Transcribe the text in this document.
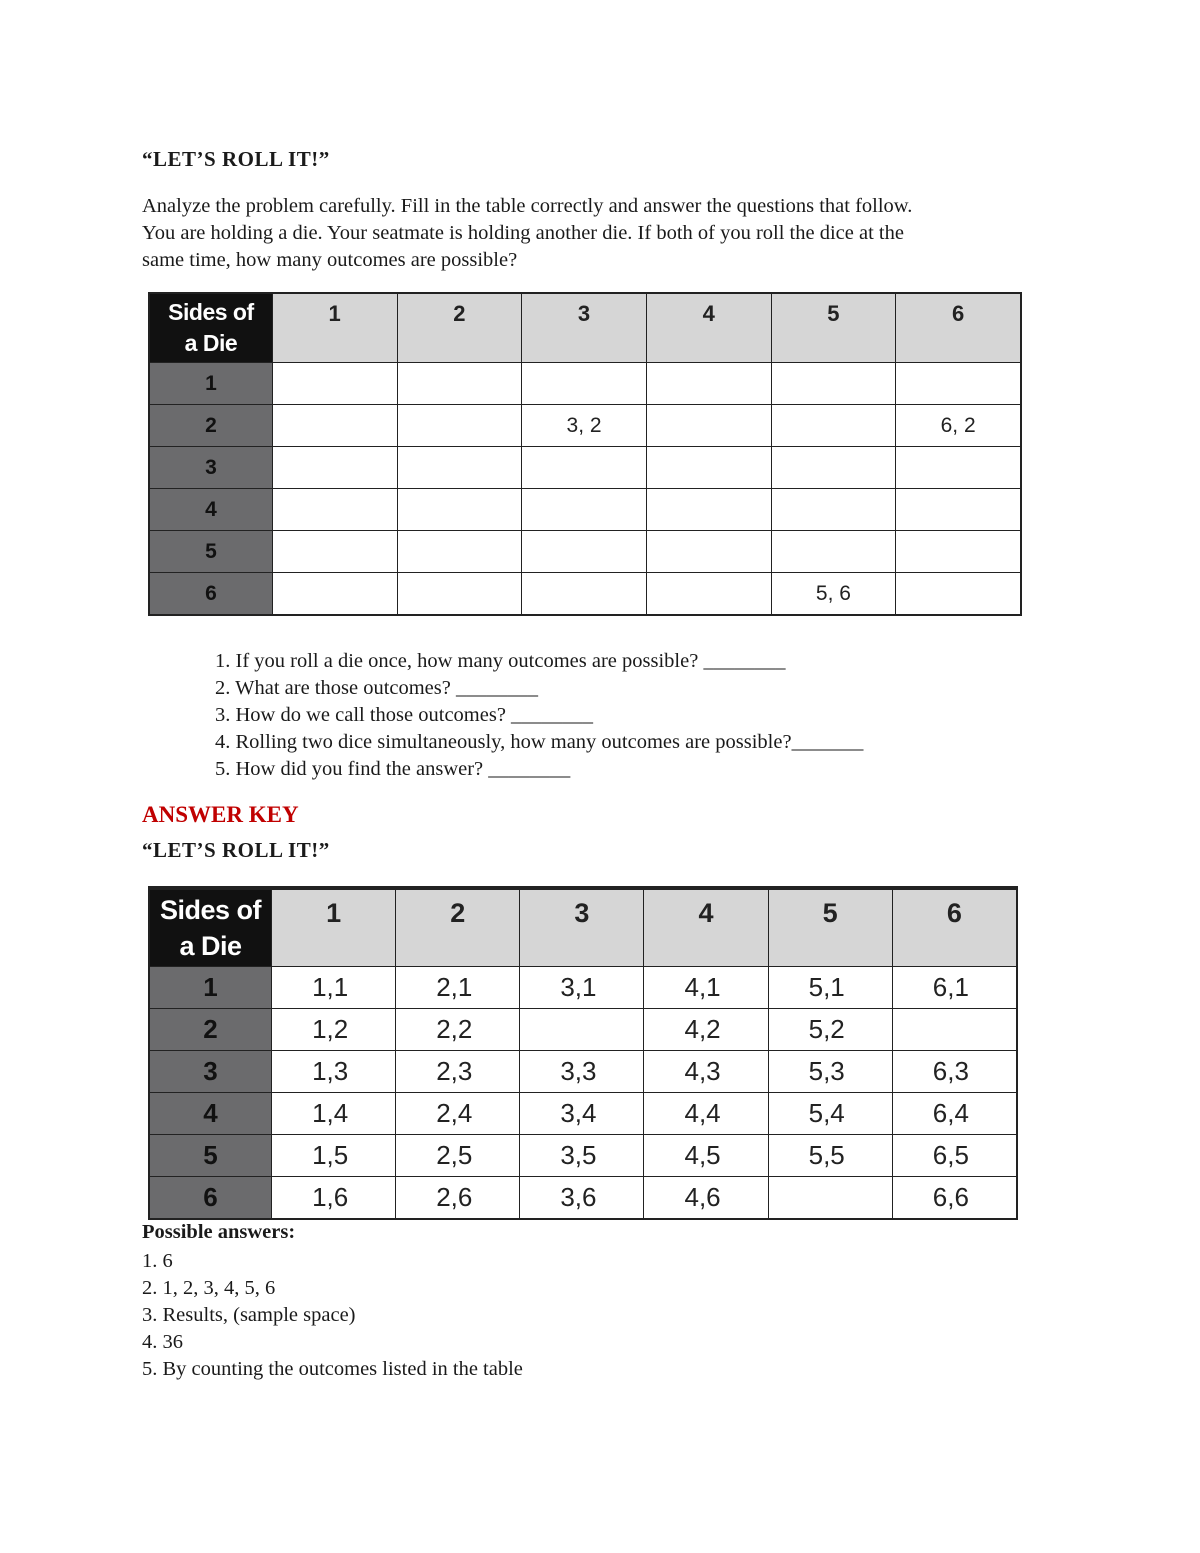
“LET’S ROLL IT!”

Analyze the problem carefully. Fill in the table correctly and answer the questions that follow.

You are holding a die. Your seatmate is holding another die. If both of you roll the dice at the

same time, how many outcomes are possible?

Sides of
a Die	1	2	3	4	5	6
1						
2			3, 2			6, 2
3						
4						
5						
6					5, 6	
1. If you roll a die once, how many outcomes are possible? ________
2. What are those outcomes? ________
3. How do we call those outcomes? ________
4. Rolling two dice simultaneously, how many outcomes are possible?_______
5. How did you find the answer? ________
ANSWER KEY
“LET’S ROLL IT!”
Sides of
a Die	1	2	3	4	5	6
1	1,1	2,1	3,1	4,1	5,1	6,1
2	1,2	2,2		4,2	5,2	
3	1,3	2,3	3,3	4,3	5,3	6,3
4	1,4	2,4	3,4	4,4	5,4	6,4
5	1,5	2,5	3,5	4,5	5,5	6,5
6	1,6	2,6	3,6	4,6		6,6
Possible answers:
1. 6
2. 1, 2, 3, 4, 5, 6
3. Results, (sample space)
4. 36
5. By counting the outcomes listed in the table
